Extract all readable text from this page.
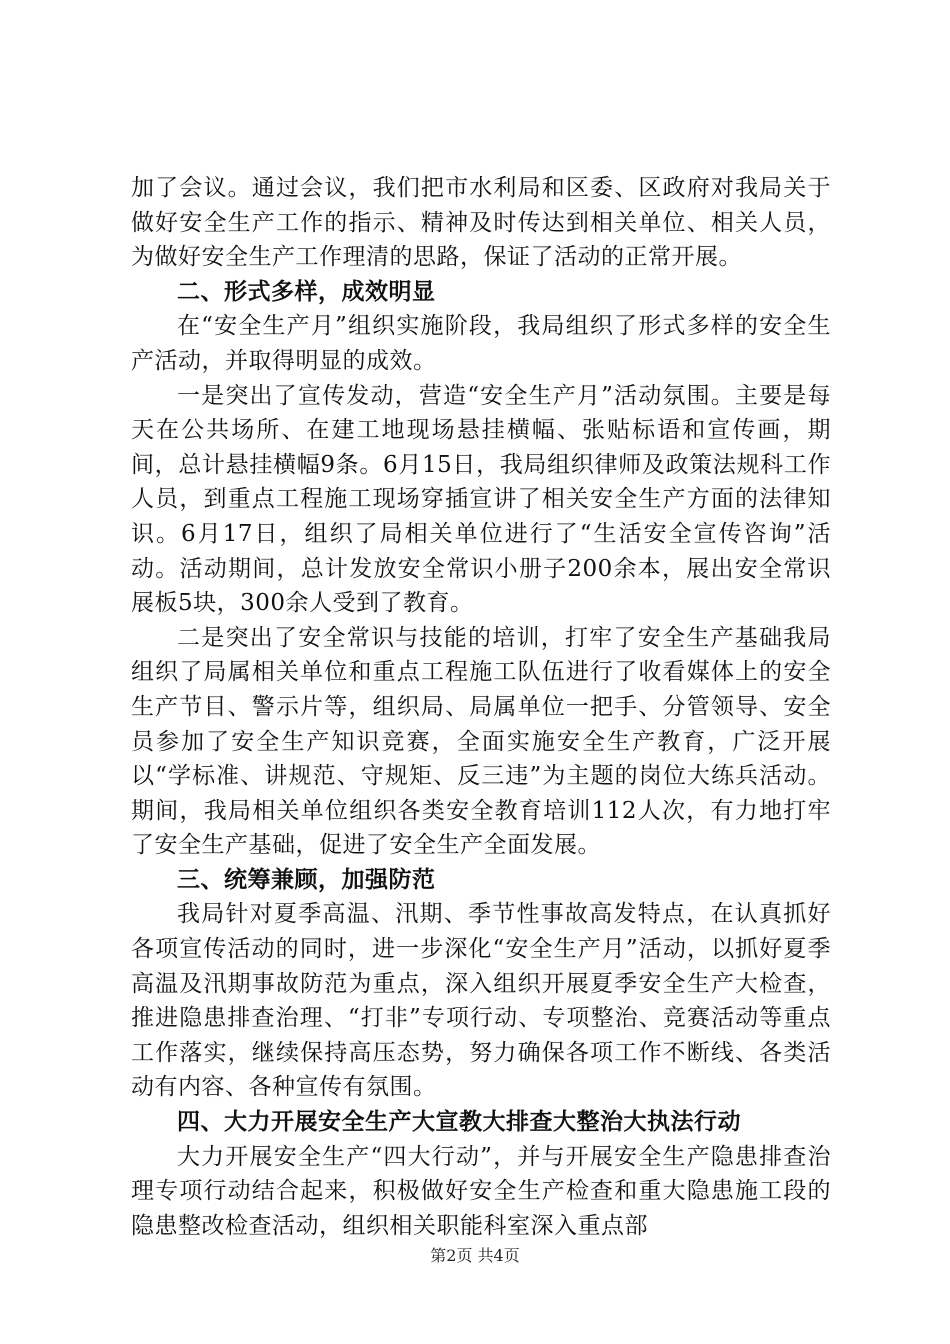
加了会议。通过会议，我们把市水利局和区委、区政府对我局关于做好安全生产工作的指示、精神及时传达到相关单位、相关人员，为做好安全生产工作理清的思路，保证了活动的正常开展。

二、形式多样，成效明显

在“安全生产月”组织实施阶段，我局组织了形式多样的安全生产活动，并取得明显的成效。

一是突出了宣传发动，营造“安全生产月”活动氛围。主要是每天在公共场所、在建工地现场悬挂横幅、张贴标语和宣传画，期间，总计悬挂横幅9条。6月15日，我局组织律师及政策法规科工作人员，到重点工程施工现场穿插宣讲了相关安全生产方面的法律知识。6月17日，组织了局相关单位进行了“生活安全宣传咨询”活动。活动期间，总计发放安全常识小册子200余本，展出安全常识展板5块，300余人受到了教育。

二是突出了安全常识与技能的培训，打牢了安全生产基础我局组织了局属相关单位和重点工程施工队伍进行了收看媒体上的安全生产节目、警示片等，组织局、局属单位一把手、分管领导、安全员参加了安全生产知识竞赛，全面实施安全生产教育，广泛开展以“学标准、讲规范、守规矩、反三违”为主题的岗位大练兵活动。期间，我局相关单位组织各类安全教育培训112人次，有力地打牢了安全生产基础，促进了安全生产全面发展。

三、统筹兼顾，加强防范

我局针对夏季高温、汛期、季节性事故高发特点，在认真抓好各项宣传活动的同时，进一步深化“安全生产月”活动，以抓好夏季高温及汛期事故防范为重点，深入组织开展夏季安全生产大检查，推进隐患排查治理、“打非”专项行动、专项整治、竞赛活动等重点工作落实，继续保持高压态势，努力确保各项工作不断线、各类活动有内容、各种宣传有氛围。

四、大力开展安全生产大宣教大排查大整治大执法行动

大力开展安全生产“四大行动”，并与开展安全生产隐患排查治理专项行动结合起来，积极做好安全生产检查和重大隐患施工段的隐患整改检查活动，组织相关职能科室深入重点部

第2页 共4页
